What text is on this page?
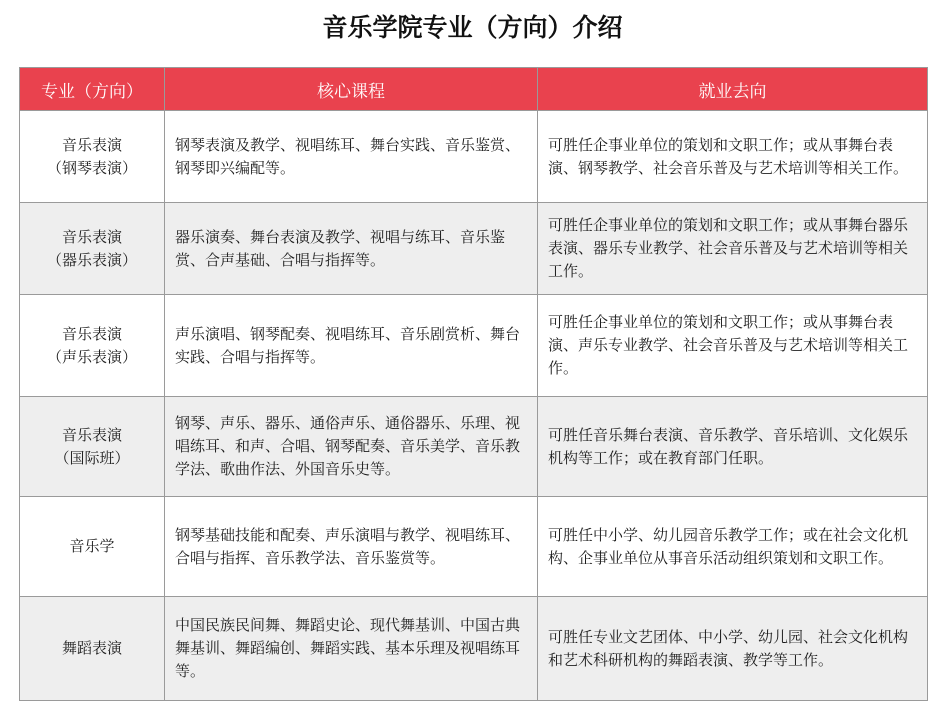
音乐学院专业（方向）介绍
专业（方向）	核心课程	就业去向

音乐表演
（钢琴表演）	钢琴表演及教学、视唱练耳、舞台实践、音乐鉴赏、钢琴即兴编配等。	可胜任企事业单位的策划和文职工作；或从事舞台表演、钢琴教学、社会音乐普及与艺术培训等相关工作。

音乐表演
（器乐表演）	器乐演奏、舞台表演及教学、视唱与练耳、音乐鉴赏、合声基础、合唱与指挥等。	可胜任企事业单位的策划和文职工作；或从事舞台器乐表演、器乐专业教学、社会音乐普及与艺术培训等相关工作。

音乐表演
（声乐表演）	声乐演唱、钢琴配奏、视唱练耳、音乐剧赏析、舞台实践、合唱与指挥等。	可胜任企事业单位的策划和文职工作；或从事舞台表演、声乐专业教学、社会音乐普及与艺术培训等相关工作。

音乐表演
（国际班）	钢琴、声乐、器乐、通俗声乐、通俗器乐、乐理、视唱练耳、和声、合唱、钢琴配奏、音乐美学、音乐教学法、歌曲作法、外国音乐史等。	可胜任音乐舞台表演、音乐教学、音乐培训、文化娱乐机构等工作；或在教育部门任职。

音乐学	钢琴基础技能和配奏、声乐演唱与教学、视唱练耳、合唱与指挥、音乐教学法、音乐鉴赏等。	可胜任中小学、幼儿园音乐教学工作；或在社会文化机构、企事业单位从事音乐活动组织策划和文职工作。

舞蹈表演	中国民族民间舞、舞蹈史论、现代舞基训、中国古典舞基训、舞蹈编创、舞蹈实践、基本乐理及视唱练耳等。	可胜任专业文艺团体、中小学、幼儿园、社会文化机构和艺术科研机构的舞蹈表演、教学等工作。
